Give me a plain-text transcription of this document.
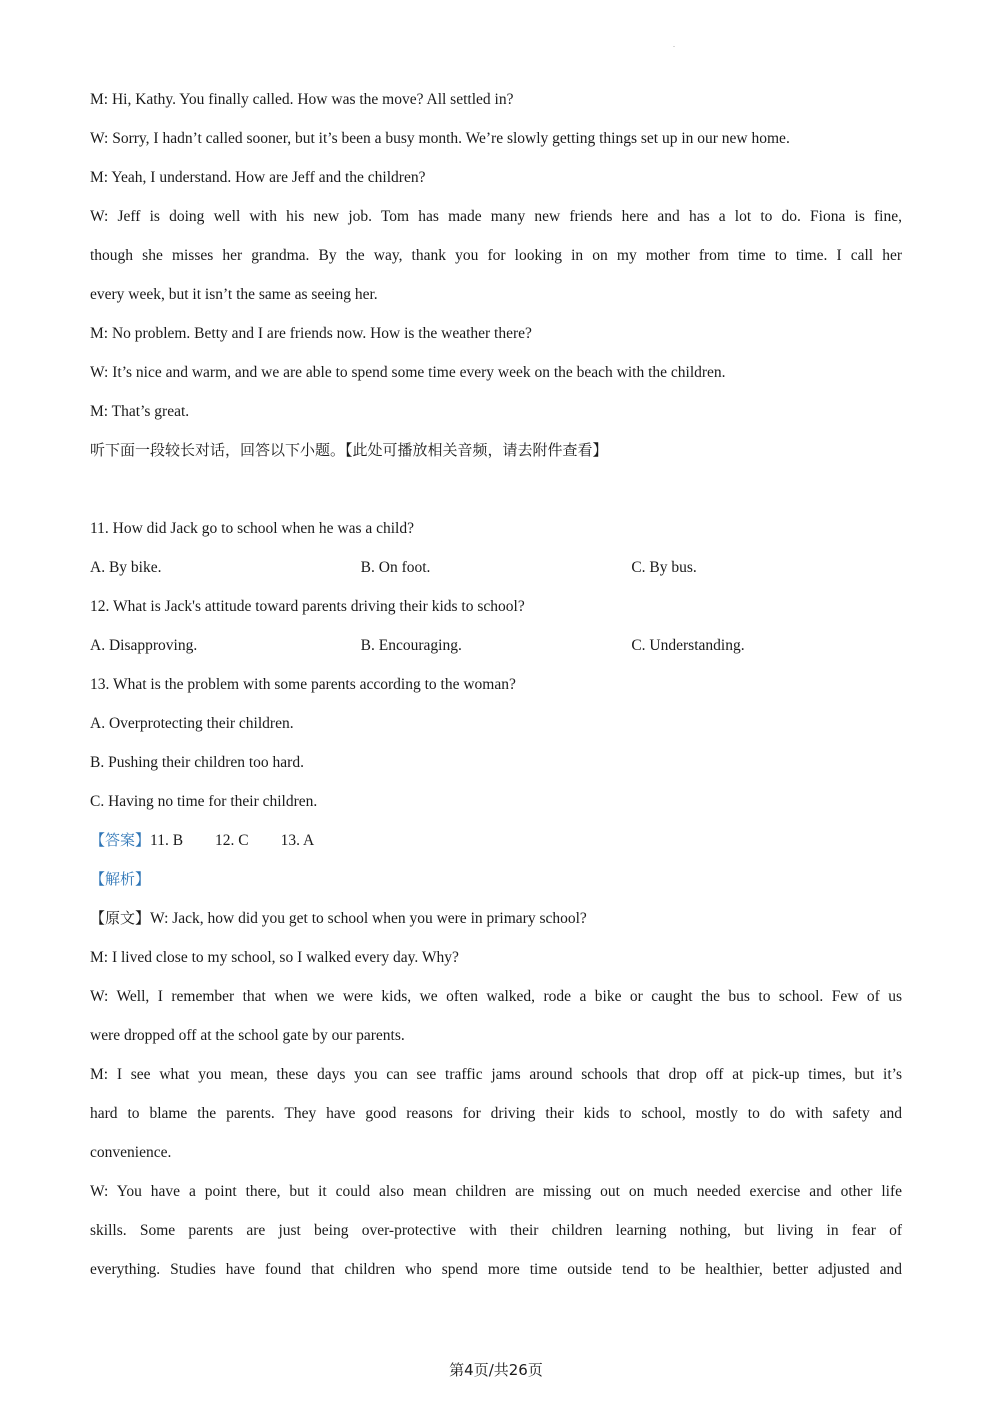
.
M: Hi, Kathy. You finally called. How was the move? All settled in?
W: Sorry, I hadn’t called sooner, but it’s been a busy month. We’re slowly getting things set up in our new home.
M: Yeah, I understand. How are Jeff and the children?
W: Jeff is doing well with his new job. Tom has made many new friends here and has a lot to do. Fiona is fine,
though she misses her grandma. By the way, thank you for looking in on my mother from time to time. I call her
every week, but it isn’t the same as seeing her.
M: No problem. Betty and I are friends now. How is the weather there?
W: It’s nice and warm, and we are able to spend some time every week on the beach with the children.
M: That’s great.
听下面一段较长对话，回答以下小题。【此处可播放相关音频，请去附件查看】
11. How did Jack go to school when he was a child?
A. By bike.	B. On foot.	C. By bus.
12. What is Jack's attitude toward parents driving their kids to school?
A. Disapproving.	B. Encouraging.	C. Understanding.
13. What is the problem with some parents according to the woman?
A. Overprotecting their children.
B. Pushing their children too hard.
C. Having no time for their children.
【答案】11. B 12. C 13. A
【解析】
【原文】W: Jack, how did you get to school when you were in primary school?
M: I lived close to my school, so I walked every day. Why?
W: Well, I remember that when we were kids, we often walked, rode a bike or caught the bus to school. Few of us
were dropped off at the school gate by our parents.
M: I see what you mean, these days you can see traffic jams around schools that drop off at pick-up times, but it’s
hard to blame the parents. They have good reasons for driving their kids to school, mostly to do with safety and
convenience.
W: You have a point there, but it could also mean children are missing out on much needed exercise and other life
skills. Some parents are just being over-protective with their children learning nothing, but living in fear of
everything. Studies have found that children who spend more time outside tend to be healthier, better adjusted and
第4页/共26页
